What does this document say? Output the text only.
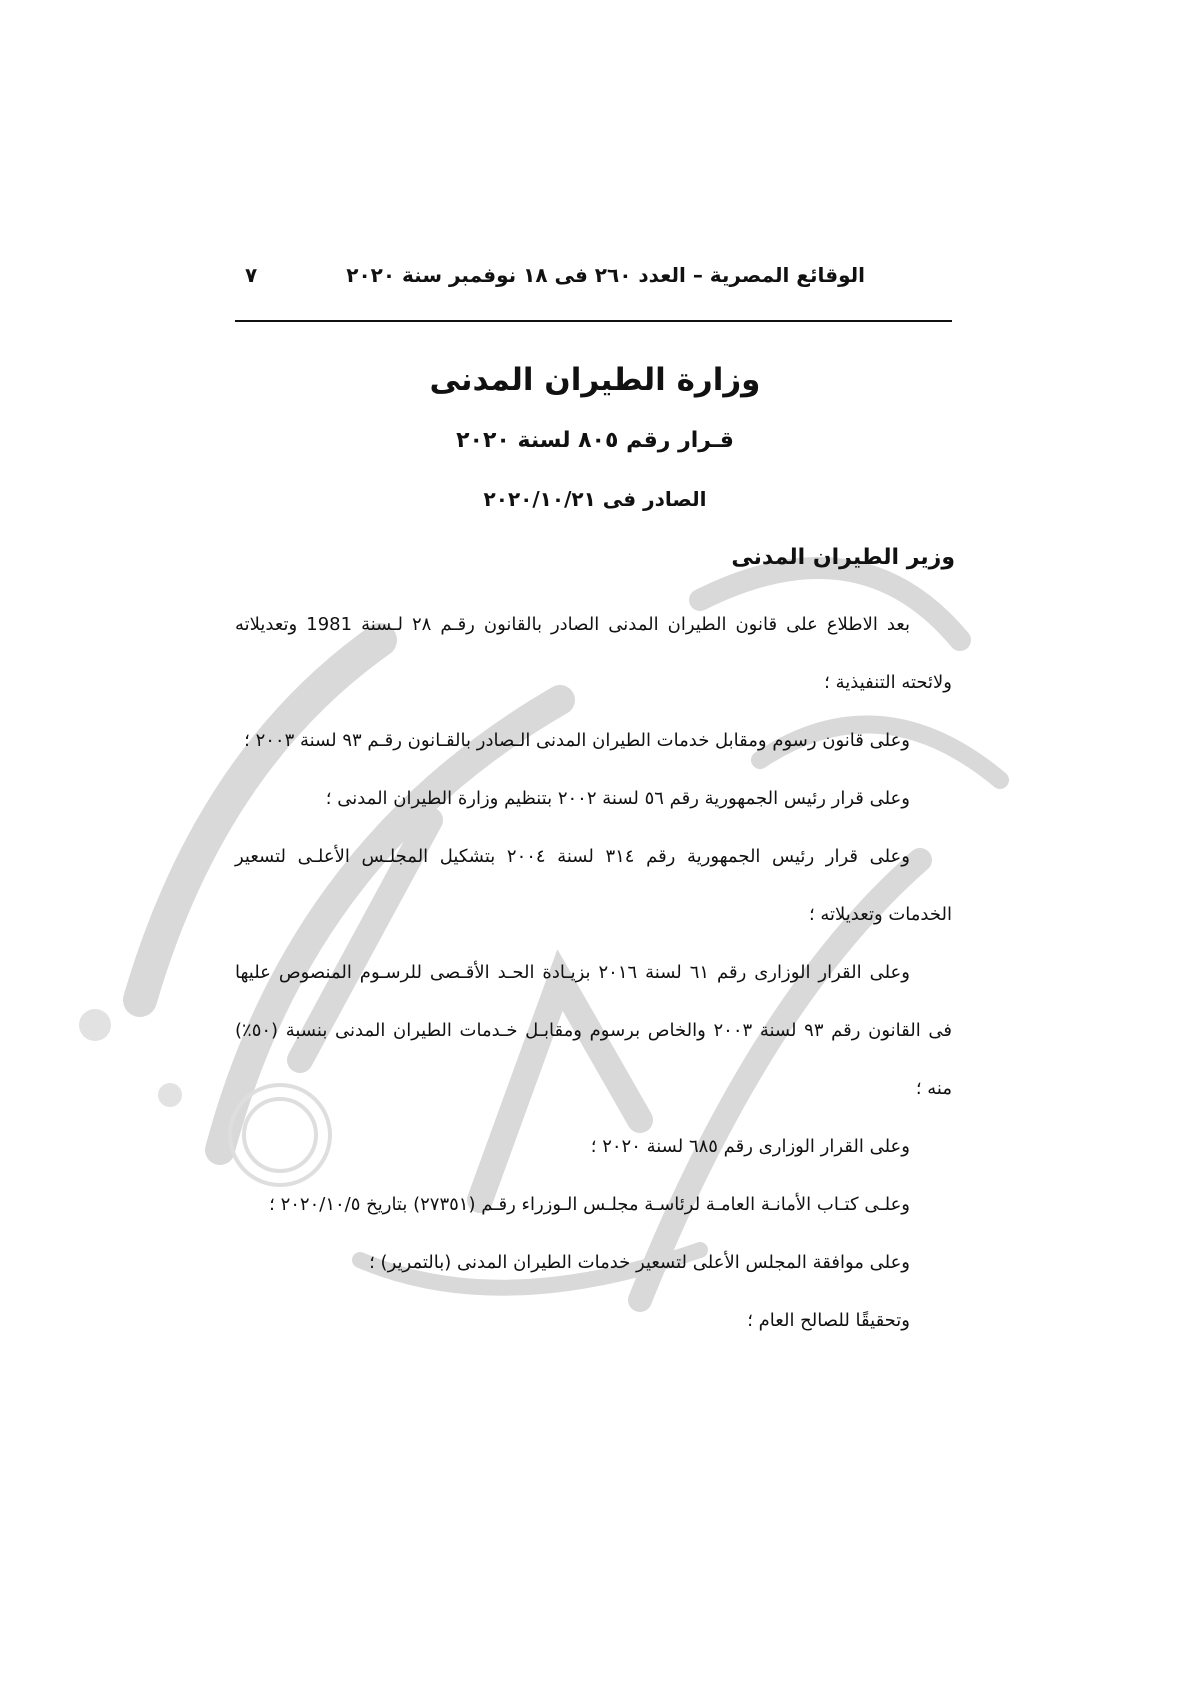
الوقائع المصرية – العدد ٢٦٠ فى ١٨ نوفمبر سنة ٢٠٢٠
٧
وزارة الطيران المدنى
قـرار رقم ٨٠٥ لسنة ٢٠٢٠
الصادر فى ٢٠٢٠/١٠/٢١
وزير الطيران المدنى

بعد الاطلاع على قانون الطيران المدنى الصادر بالقانون رقـم ٢٨ لـسنة 1981 وتعديلاته ولائحته التنفيذية ؛

وعلى قانون رسوم ومقابل خدمات الطيران المدنى الـصادر بالقـانون رقـم ٩٣ لسنة ٢٠٠٣ ؛

وعلى قرار رئيس الجمهورية رقم ٥٦ لسنة ٢٠٠٢ بتنظيم وزارة الطيران المدنى ؛

وعلى قرار رئيس الجمهورية رقم ٣١٤ لسنة ٢٠٠٤ بتشكيل المجلـس الأعلـى لتسعير الخدمات وتعديلاته ؛

وعلى القرار الوزارى رقم ٦١ لسنة ٢٠١٦ بزيـادة الحـد الأقـصى للرسـوم المنصوص عليها فى القانون رقم ٩٣ لسنة ٢٠٠٣ والخاص برسوم ومقابـل خـدمات الطيران المدنى بنسبة (٥٠٪) منه ؛

وعلى القرار الوزارى رقم ٦٨٥ لسنة ٢٠٢٠ ؛

وعلـى كتـاب الأمانـة العامـة لرئاسـة مجلـس الـوزراء رقـم (٢٧٣٥١) بتاريخ ٢٠٢٠/١٠/٥ ؛

وعلى موافقة المجلس الأعلى لتسعير خدمات الطيران المدنى (بالتمرير) ؛

وتحقيقًا للصالح العام ؛
